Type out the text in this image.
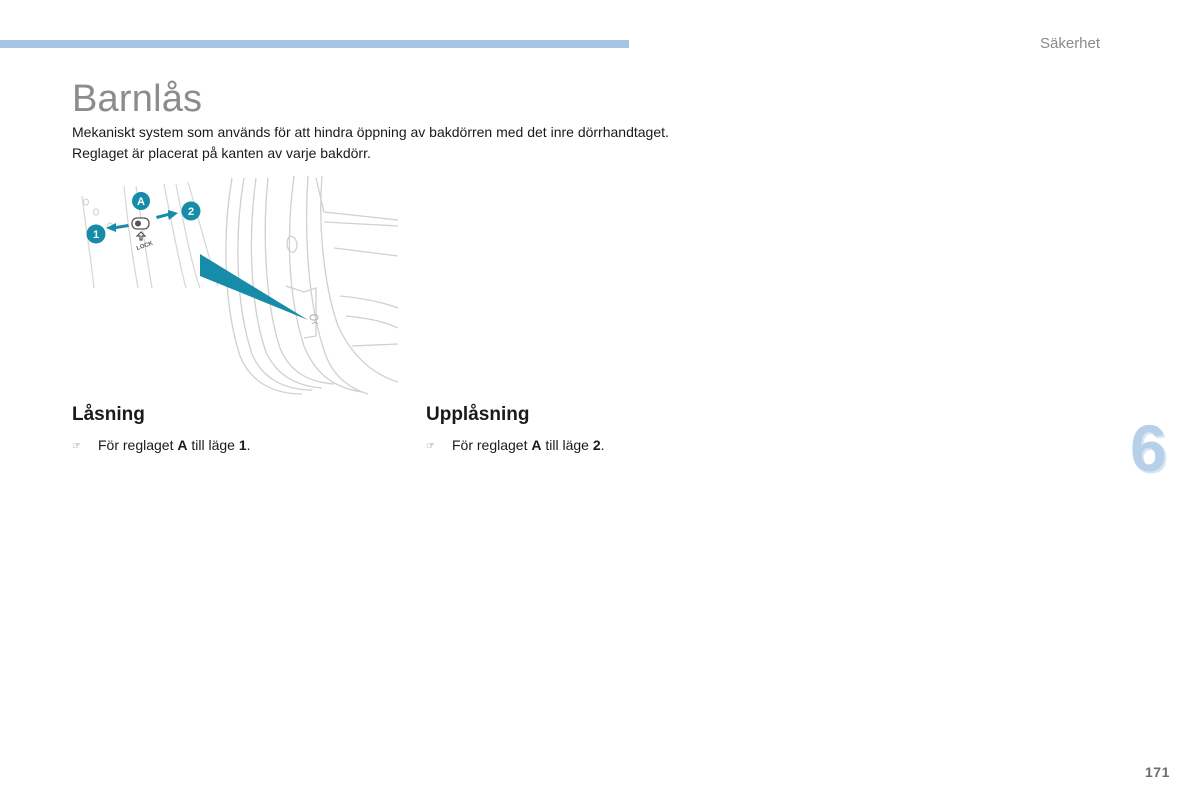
Säkerhet
Barnlås

Mekaniskt system som används för att hindra öppning av bakdörren med det inre dörrhandtaget.

Reglaget är placerat på kanten av varje bakdörr.

LOCK
A
1
2
Låsning
☞ För reglaget A till läge 1.
Upplåsning
☞ För reglaget A till läge 2.	6
171
